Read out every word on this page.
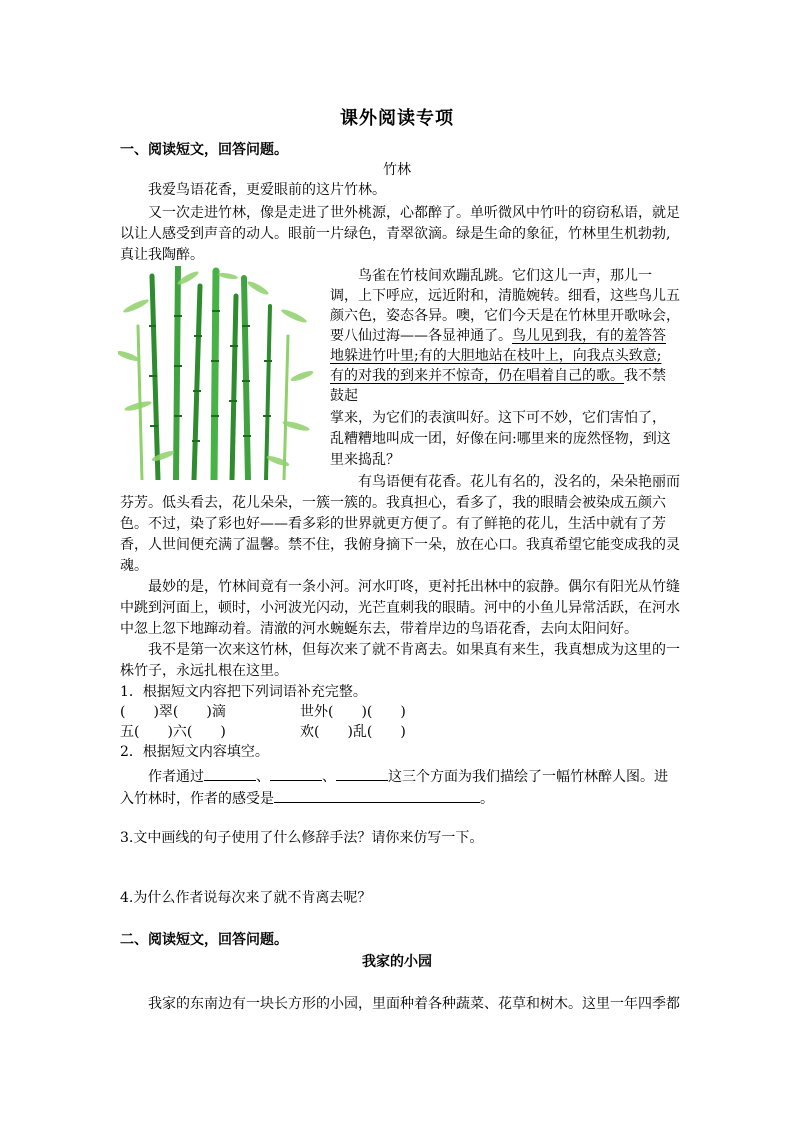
课外阅读专项
一、阅读短文，回答问题。
竹林
我爱鸟语花香，更爱眼前的这片竹林。
又一次走进竹林，像是走进了世外桃源，心都醉了。单听微风中竹叶的窃窃私语，就足
以让人感受到声音的动人。眼前一片绿色，青翠欲滴。绿是生命的象征，竹林里生机勃勃,
真让我陶醉。
鸟雀在竹枝间欢蹦乱跳。它们这儿一声，那儿一
调，上下呼应，远近附和，清脆婉转。细看，这些鸟儿五
颜六色，姿态各异。噢，它们今天是在竹林里开歌咏会，
要八仙过海——各显神通了。鸟儿见到我，有的羞答答
地躲进竹叶里;有的大胆地站在枝叶上，向我点头致意;
有的对我的到来并不惊奇，仍在唱着自己的歌。我不禁
鼓起
掌来，为它们的表演叫好。这下可不妙，它们害怕了，
乱糟糟地叫成一团，好像在问:哪里来的庞然怪物，到这
里来捣乱？
有鸟语便有花香。花儿有名的，没名的，朵朵艳丽而
芬芳。低头看去，花儿朵朵，一簇一簇的。我真担心，看多了，我的眼睛会被染成五颜六
色。不过，染了彩也好——看多彩的世界就更方便了。有了鲜艳的花儿，生活中就有了芳
香，人世间便充满了温馨。禁不住，我俯身摘下一朵，放在心口。我真希望它能变成我的灵
魂。
最妙的是，竹林间竟有一条小河。河水叮咚，更衬托出林中的寂静。偶尔有阳光从竹缝
中跳到河面上，顿时，小河波光闪动，光芒直刺我的眼睛。河中的小鱼儿异常活跃，在河水
中忽上忽下地蹿动着。清澈的河水蜿蜒东去，带着岸边的鸟语花香，去向太阳问好。
我不是第一次来这竹林，但每次来了就不肯离去。如果真有来生，我真想成为这里的一
株竹子，永远扎根在这里。
1．根据短文内容把下列词语补充完整。
(　　)翠(　　)滴	世外(　　)(　　)
五(　　)六(　　)	欢(　　)乱(　　)
2．根据短文内容填空。
作者通过	、	、	这三个方面为我们描绘了一幅竹林醉人图。进
入竹林时，作者的感受是	。
3.文中画线的句子使用了什么修辞手法？请你来仿写一下。
4.为什么作者说每次来了就不肯离去呢？
二、阅读短文，回答问题。
我家的小园
我家的东南边有一块长方形的小园，里面种着各种蔬菜、花草和树木。这里一年四季都
